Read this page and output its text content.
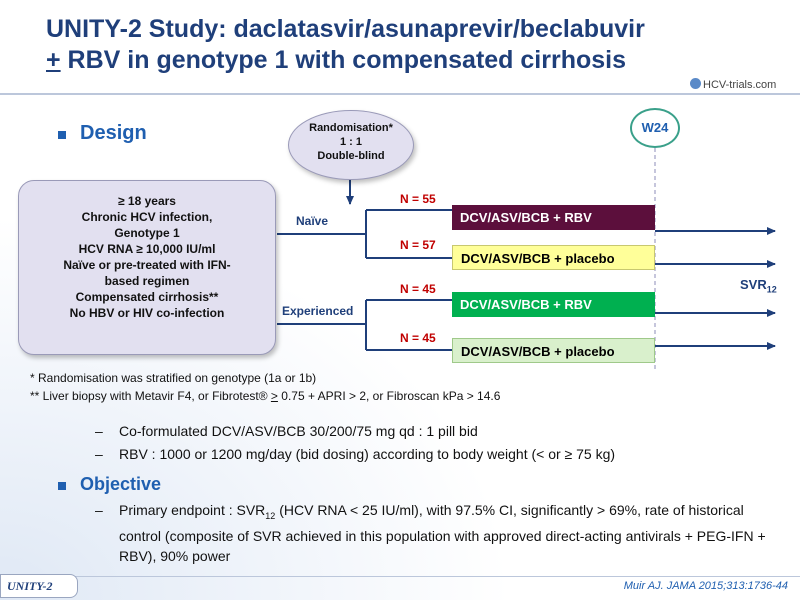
UNITY-2 Study: daclatasvir/asunaprevir/beclabuvir
+ RBV in genotype 1 with compensated cirrhosis
HCV-trials.com
Design
≥ 18 years
Chronic HCV infection,
Genotype 1
HCV RNA ≥ 10,000 IU/ml
Naïve or pre-treated with IFN-
based regimen
Compensated cirrhosis**
No HBV or HIV co-infection
Randomisation*
1 : 1
Double-blind
W24
Naïve
Experienced
N = 55
N = 57
N = 45
N = 45
DCV/ASV/BCB + RBV
DCV/ASV/BCB + placebo
DCV/ASV/BCB + RBV
DCV/ASV/BCB + placebo
$SVR_{12}$
* Randomisation was stratified on genotype (1a or 1b)
** Liver biopsy with Metavir F4, or Fibrotest® > 0.75 + APRI > 2, or Fibroscan kPa > 14.6
–	Co-formulated DCV/ASV/BCB 30/200/75 mg qd : 1 pill bid
–	RBV : 1000 or 1200 mg/day (bid dosing) according to body weight (< or ≥ 75 kg)
Objective
–	Primary endpoint : $SVR_{12}$ (HCV RNA < 25 IU/ml), with 97.5% CI, significantly > 69%, rate of historical control (composite of SVR achieved in this population with approved direct-acting antivirals + PEG-IFN + RBV), 90% power
UNITY-2	Muir AJ. JAMA 2015;313:1736-44
